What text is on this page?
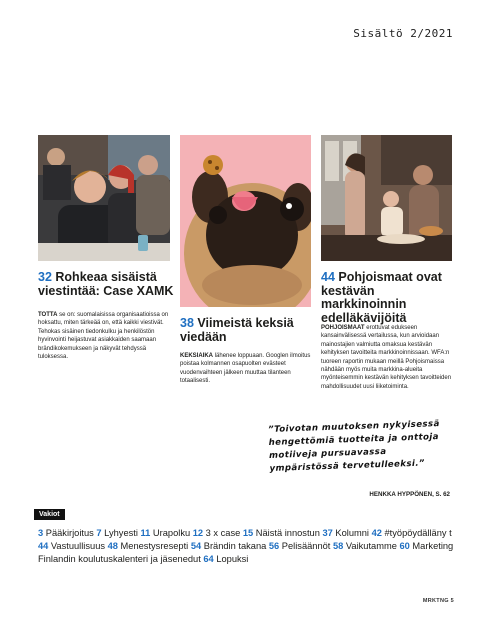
Sisältö 2/2021
32 Rohkeaa sisäistä viestintää: Case XAMK
TOTTA se on: suomalaisissa organisaatioissa on hoksattu, miten tärkeää on, että kaikki viestivät. Tehokas sisäinen tiedonkulku ja henkilöstön hyvinvointi heijastuvat asiakkaiden saamaan brändikokemukseen ja näkyvät tehdyssä tuloksessa.
38 Viimeistä keksiä viedään
KEKSIAIKA lähenee loppuaan. Googlen ilmoitus poistaa kolmannen osapuolten evästeet vuodenvaihteen jälkeen muuttaa tilanteen totaalisesti.
44 Pohjoismaat ovat kestävän markkinoinnin edelläkävijöitä
POHJOISMAAT erottuvat edukseen kansainvälisessä vertailussa, kun arvioidaan mainostajien valmiutta omaksua kestävän kehityksen tavoitteita markkinoinnissaan. WFA:n tuoreen raportin mukaan meillä Pohjoismaissa nähdään myös muita markkina-alueita myönteisemmin kestävän kehityksen tavoitteiden mahdollisuudet uusi liiketoiminta.
”Toivotan muutoksen nykyisessä hengettömiä tuotteita ja onttoja motiiveja pursuavassa ympäristössä tervetulleeksi.”
HENKKA HYPPÖNEN, S. 62
Vakiot
3 Pääkirjoitus 7 Lyhyesti 11 Urapolku 12 3 x case 15 Näistä innostun 37 Kolumni 42 #työpöydälläny t 44 Vastuullisuus 48 Menestysresepti 54 Brändin takana 56 Pelisäännöt 58 Vaikutamme 60 Marketing Finlandin koulutuskalenteri ja jäsenedut 64 Lopuksi
MRKTNG 5
